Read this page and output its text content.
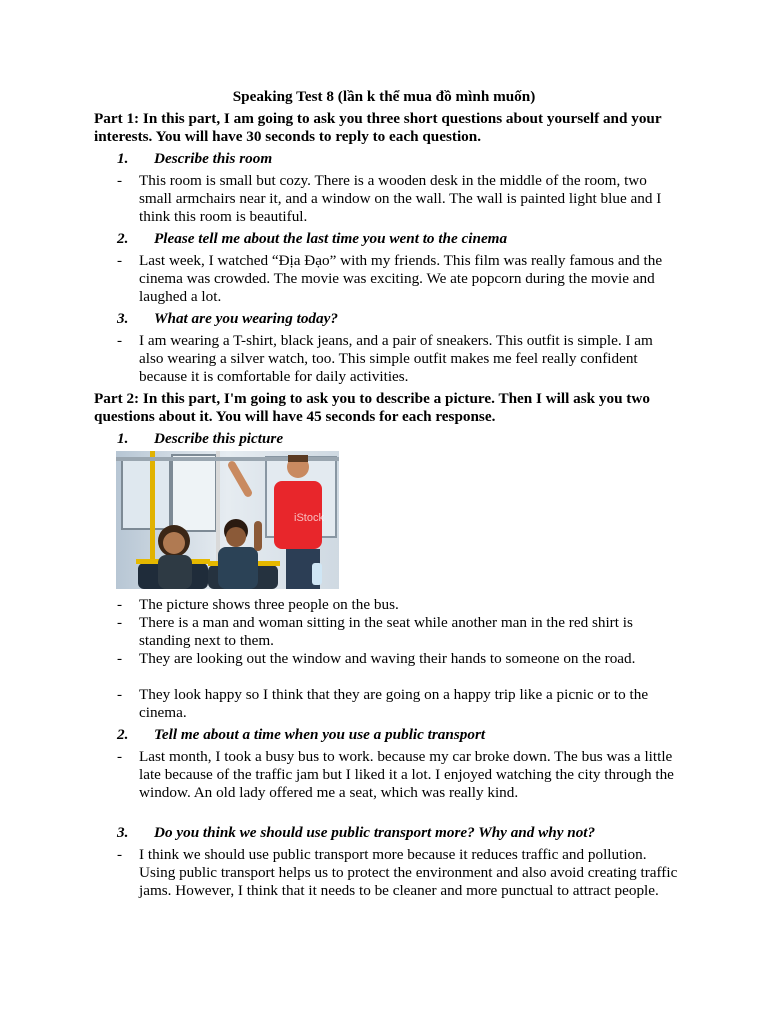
Speaking Test 8 (lần k thể mua đồ mình muốn)
Part 1: In this part, I am going to ask you three short questions about yourself and your interests. You will have 30 seconds to reply to each question.
1. Describe this room
-	This room is small but cozy. There is a wooden desk in the middle of the room, two small armchairs near it, and a window on the wall. The wall is painted light blue and I think this room is beautiful.
2. Please tell me about the last time you went to the cinema
-	Last week, I watched “Địa Đạo” with my friends. This film was really famous and the cinema was crowded. The movie was exciting. We ate popcorn during the movie and laughed a lot.
3. What are you wearing today?
-	I am wearing a T-shirt, black jeans, and a pair of sneakers. This outfit is simple. I am also wearing a silver watch, too. This simple outfit makes me feel really confident because it is comfortable for daily activities.
Part 2: In this part, I'm going to ask you to describe a picture. Then I will ask you two questions about it. You will have 45 seconds for each response.
1. Describe this picture
iStock
-	The picture shows three people on the bus.
-	There is a man and woman sitting in the seat while another man in the red shirt is standing next to them.
-	They are looking out the window and waving their hands to someone on the road.
-	They look happy so I think that they are going on a happy trip like a picnic or to the cinema.
2. Tell me about a time when you use a public transport
-	Last month, I took a busy bus to work. because my car broke down. The bus was a little late because of the traffic jam but I liked it a lot. I enjoyed watching the city through the window. An old lady offered me a seat, which was really kind.
3. Do you think we should use public transport more? Why and why not?
-	I think we should use public transport more because it reduces traffic and pollution. Using public transport helps us to protect the environment and also avoid creating traffic jams. However, I think that it needs to be cleaner and more punctual to attract people.
